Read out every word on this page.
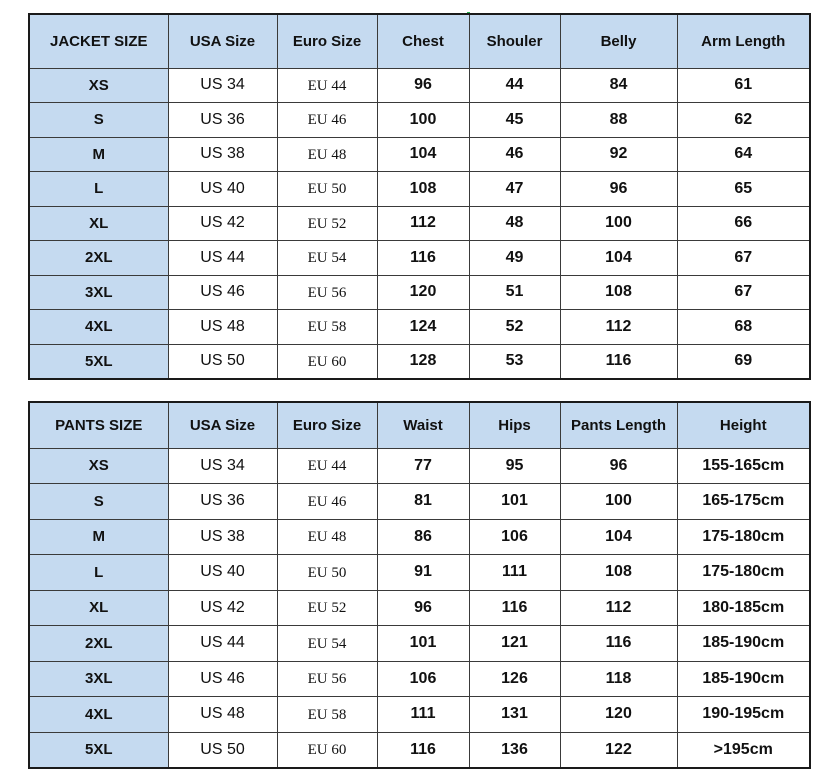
JACKET SIZE	USA Size	Euro Size	Chest	Shouler	Belly	Arm Length
XS	US 34	EU 44	96	44	84	61
S	US 36	EU 46	100	45	88	62
M	US 38	EU 48	104	46	92	64
L	US 40	EU 50	108	47	96	65
XL	US 42	EU 52	112	48	100	66
2XL	US 44	EU 54	116	49	104	67
3XL	US 46	EU 56	120	51	108	67
4XL	US 48	EU 58	124	52	112	68
5XL	US 50	EU 60	128	53	116	69
PANTS SIZE	USA Size	Euro Size	Waist	Hips	Pants Length	Height
XS	US 34	EU 44	77	95	96	155-165cm
S	US 36	EU 46	81	101	100	165-175cm
M	US 38	EU 48	86	106	104	175-180cm
L	US 40	EU 50	91	111	108	175-180cm
XL	US 42	EU 52	96	116	112	180-185cm
2XL	US 44	EU 54	101	121	116	185-190cm
3XL	US 46	EU 56	106	126	118	185-190cm
4XL	US 48	EU 58	111	131	120	190-195cm
5XL	US 50	EU 60	116	136	122	>195cm
